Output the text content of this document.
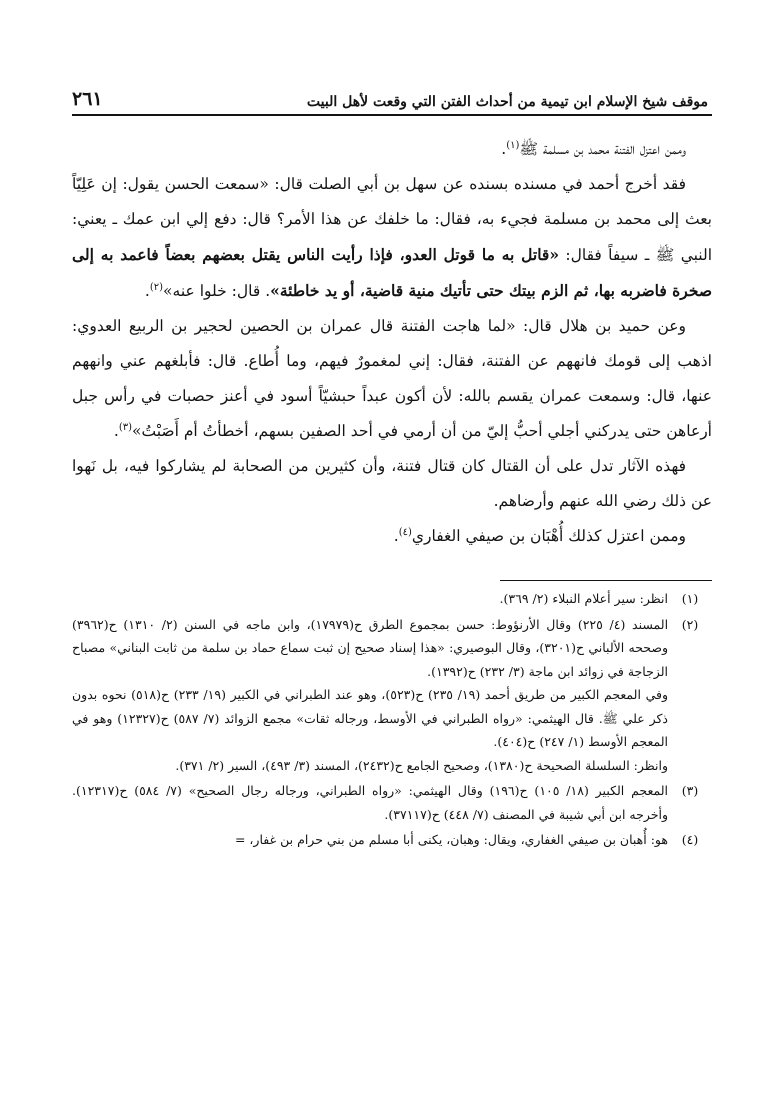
موقف شيخ الإسلام ابن تيمية من أحداث الفتن التي وقعت لأهل البيت
٢٦١

وممن اعتزل الفتنة محمد بن مسلمة ﷺ$^{(١)}$.

فقد أخرج أحمد في مسنده بسنده عن سهل بن أبي الصلت قال: «سمعت الحسن يقول: إن عَلِيّاً بعث إلى محمد بن مسلمة فجيء به، فقال: ما خلفك عن هذا الأمر؟ قال: دفع إلي ابن عمك ـ يعني: النبي ﷺ ـ سيفاً فقال: «قاتل به ما قوتل العدو، فإذا رأيت الناس يقتل بعضهم بعضاً فاعمد به إلى صخرة فاضربه بها، ثم الزم بيتك حتى تأتيك منية قاضية، أو يد خاطئة». قال: خلوا عنه»$^{(٢)}$.

وعن حميد بن هلال قال: «لما هاجت الفتنة قال عمران بن الحصين لحجير بن الربيع العدوي: اذهب إلى قومك فانههم عن الفتنة، فقال: إني لمغمورٌ فيهم، وما أُطاع. قال: فأبلغهم عني وانههم عنها، قال: وسمعت عمران يقسم بالله: لأن أكون عبداً حبشيّاً أسود في أعنز حصبات في رأس جبل أرعاهن حتى يدركني أجلي أحبُّ إليّ من أن أرمي في أحد الصفين بسهم، أخطأتُ أم أَصَبْتُ»$^{(٣)}$.

فهذه الآثار تدل على أن القتال كان قتال فتنة، وأن كثيرين من الصحابة لم يشاركوا فيه، بل نَهوا عن ذلك رضي الله عنهم وأرضاهم.

وممن اعتزل كذلك أُهْبَان بن صيفي الغفاري$^{(٤)}$.

(١)

انظر: سير أعلام النبلاء (٢/ ٣٦٩).

(٢)

المسند (٤/ ٢٢٥) وقال الأرنؤوط: حسن بمجموع الطرق ح(١٧٩٧٩)، وابن ماجه في السنن (٢/ ١٣١٠) ح(٣٩٦٢) وصححه الألباني ح(٣٢٠١)، وقال البوصيري: «هذا إسناد صحيح إن ثبت سماع حماد بن سلمة من ثابت البناني» مصباح الزجاجة في زوائد ابن ماجة (٣/ ٢٣٢) ح(١٣٩٢).

وفي المعجم الكبير من طريق أحمد (١٩/ ٢٣٥) ح(٥٢٣)، وهو عند الطبراني في الكبير (١٩/ ٢٣٣) ح(٥١٨) نحوه بدون ذكر علي ﷺ. قال الهيثمي: «رواه الطبراني في الأوسط، ورجاله ثقات» مجمع الزوائد (٧/ ٥٨٧) ح(١٢٣٢٧) وهو في المعجم الأوسط (١/ ٢٤٧) ح(٤٠٤).

وانظر: السلسلة الصحيحة ح(١٣٨٠)، وصحيح الجامع ح(٢٤٣٢)، المسند (٣/ ٤٩٣)، السير (٢/ ٣٧١).

(٣)

المعجم الكبير (١٨/ ١٠٥) ح(١٩٦) وقال الهيثمي: «رواه الطبراني، ورجاله رجال الصحيح» (٧/ ٥٨٤) ح(١٢٣١٧). وأخرجه ابن أبي شيبة في المصنف (٧/ ٤٤٨) ح(٣٧١١٧).

(٤)

هو: أُهبان بن صيفي الغفاري، ويقال: وهبان، يكنى أبا مسلم من بني حرام بن غفار، =
